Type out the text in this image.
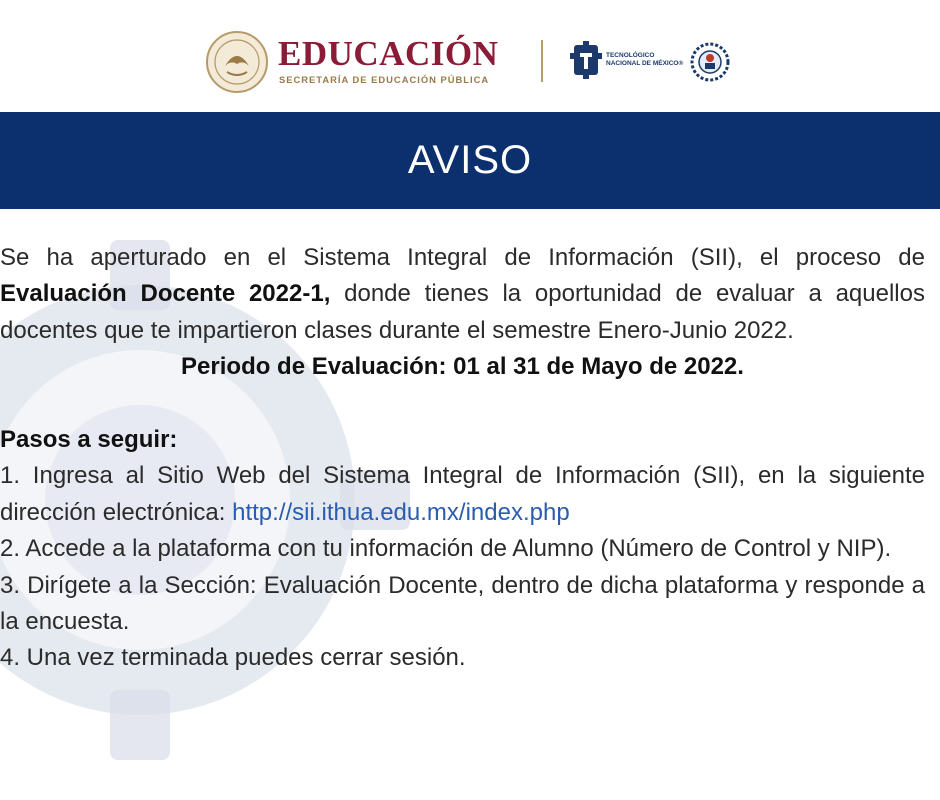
EDUCACIÓN
SECRETARÍA DE EDUCACIÓN PÚBLICA
TECNOLÓGICO
NACIONAL DE MÉXICO®
AVISO

Se ha aperturado en el Sistema Integral de Información (SII), el proceso de Evaluación Docente 2022-1, donde tienes la oportunidad de evaluar a aquellos docentes que te impartieron clases durante el semestre Enero-Junio 2022.

Periodo de Evaluación: 01 al 31 de Mayo de 2022.

Pasos a seguir:

1. Ingresa al Sitio Web del Sistema Integral de Información (SII), en la siguiente dirección electrónica: http://sii.ithua.edu.mx/index.php

2. Accede a la plataforma con tu información de Alumno (Número de Control y NIP).

3. Dirígete a la Sección: Evaluación Docente, dentro de dicha plataforma y responde a la encuesta.

4. Una vez terminada puedes cerrar sesión.
